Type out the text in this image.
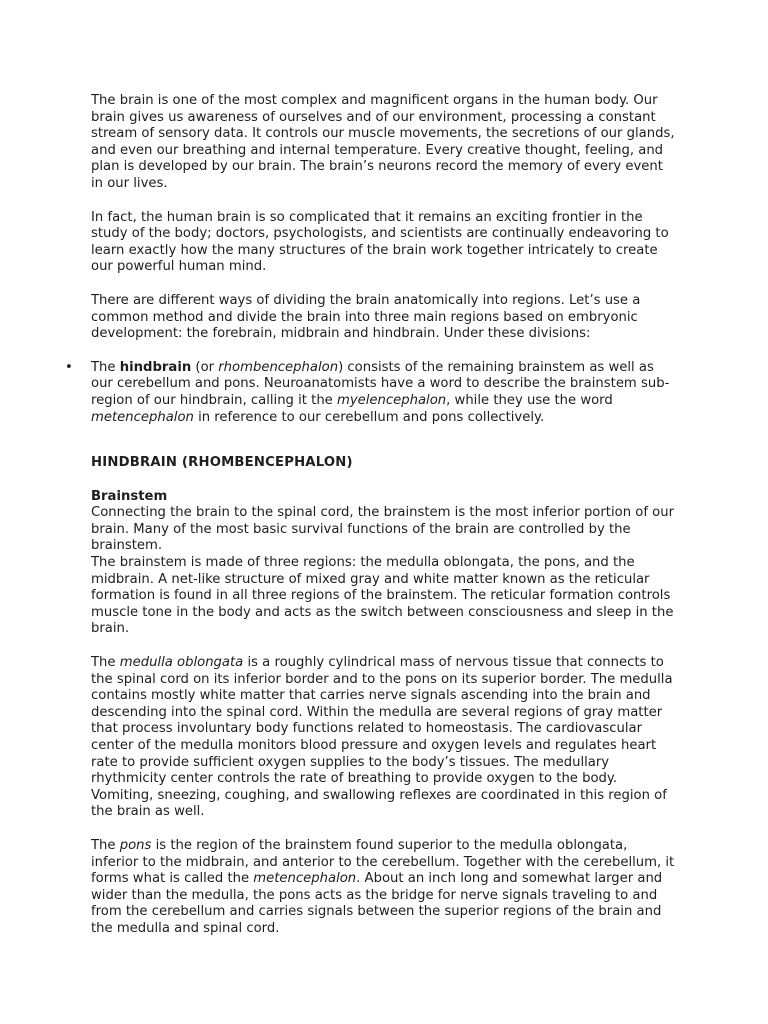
The brain is one of the most complex and magnificent organs in the human body. Our brain gives us awareness of ourselves and of our environment, processing a constant stream of sensory data. It controls our muscle movements, the secretions of our glands, and even our breathing and internal temperature. Every creative thought, feeling, and plan is developed by our brain. The brain’s neurons record the memory of every event in our lives.

In fact, the human brain is so complicated that it remains an exciting frontier in the study of the body; doctors, psychologists, and scientists are continually endeavoring to learn exactly how the many structures of the brain work together intricately to create our powerful human mind.

There are different ways of dividing the brain anatomically into regions. Let’s use a common method and divide the brain into three main regions based on embryonic development: the forebrain, midbrain and hindbrain. Under these divisions:

• The hindbrain (or rhombencephalon) consists of the remaining brainstem as well as our cerebellum and pons. Neuroanatomists have a word to describe the brainstem sub-region of our hindbrain, calling it the myelencephalon, while they use the word metencephalon in reference to our cerebellum and pons collectively.

HINDBRAIN (RHOMBENCEPHALON)

Brainstem

Connecting the brain to the spinal cord, the brainstem is the most inferior portion of our brain. Many of the most basic survival functions of the brain are controlled by the brainstem.

The brainstem is made of three regions: the medulla oblongata, the pons, and the midbrain. A net-like structure of mixed gray and white matter known as the reticular formation is found in all three regions of the brainstem. The reticular formation controls muscle tone in the body and acts as the switch between consciousness and sleep in the brain.

The medulla oblongata is a roughly cylindrical mass of nervous tissue that connects to the spinal cord on its inferior border and to the pons on its superior border. The medulla contains mostly white matter that carries nerve signals ascending into the brain and descending into the spinal cord. Within the medulla are several regions of gray matter that process involuntary body functions related to homeostasis. The cardiovascular center of the medulla monitors blood pressure and oxygen levels and regulates heart rate to provide sufficient oxygen supplies to the body’s tissues. The medullary rhythmicity center controls the rate of breathing to provide oxygen to the body. Vomiting, sneezing, coughing, and swallowing reflexes are coordinated in this region of the brain as well.

The pons is the region of the brainstem found superior to the medulla oblongata, inferior to the midbrain, and anterior to the cerebellum. Together with the cerebellum, it forms what is called the metencephalon. About an inch long and somewhat larger and wider than the medulla, the pons acts as the bridge for nerve signals traveling to and from the cerebellum and carries signals between the superior regions of the brain and the medulla and spinal cord.
